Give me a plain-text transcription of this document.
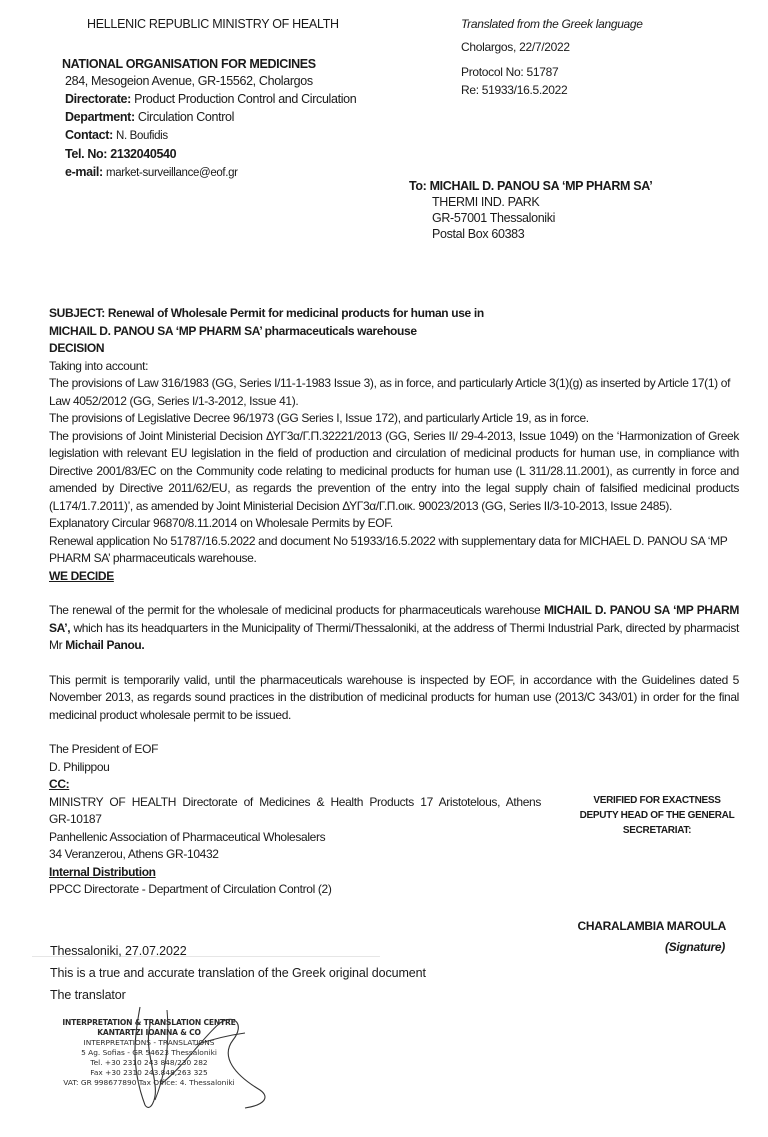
HELLENIC REPUBLIC MINISTRY OF HEALTH
NATIONAL ORGANISATION FOR MEDICINES
284, Mesogeion Avenue, GR-15562, Cholargos
Directorate: Product Production Control and Circulation
Department: Circulation Control
Contact: N. Boufidis
Tel. No: 2132040540
e-mail: market-surveillance@eof.gr
Translated from the Greek language
Cholargos, 22/7/2022
Protocol No: 51787
Re: 51933/16.5.2022
To: MICHAIL D. PANOU SA ‘MP PHARM SA’
THERMI IND. PARK
GR-57001 Thessaloniki
Postal Box 60383

SUBJECT: Renewal of Wholesale Permit for medicinal products for human use in

MICHAIL D. PANOU SA ‘MP PHARM SA’ pharmaceuticals warehouse

DECISION

Taking into account:

The provisions of Law 316/1983 (GG, Series I/11-1-1983 Issue 3), as in force, and particularly Article 3(1)(g) as inserted by Article 17(1) of Law 4052/2012 (GG, Series I/1-3-2012, Issue 41).

The provisions of Legislative Decree 96/1973 (GG Series I, Issue 172), and particularly Article 19, as in force.

The provisions of Joint Ministerial Decision ΔΥΓ3α/Γ.Π.32221/2013 (GG, Series II/ 29-4-2013, Issue 1049) on the ‘Harmonization of Greek legislation with relevant EU legislation in the field of production and circulation of medicinal products for human use, in compliance with Directive 2001/83/EC on the Community code relating to medicinal products for human use (L 311/28.11.2001), as currently in force and amended by Directive 2011/62/EU, as regards the prevention of the entry into the legal supply chain of falsified medicinal products (L174/1.7.2011)’, as amended by Joint Ministerial Decision ΔΥΓ3α/Γ.Π.οικ. 90023/2013 (GG, Series II/3-10-2013, Issue 2485).

Explanatory Circular 96870/8.11.2014 on Wholesale Permits by EOF.

Renewal application No 51787/16.5.2022 and document No 51933/16.5.2022 with supplementary data for MICHAEL D. PANOU SA ‘MP PHARM SA’ pharmaceuticals warehouse.

WE DECIDE

The renewal of the permit for the wholesale of medicinal products for pharmaceuticals warehouse MICHAIL D. PANOU SA ‘MP PHARM SA’, which has its headquarters in the Municipality of Thermi/Thessaloniki, at the address of Thermi Industrial Park, directed by pharmacist Mr Michail Panou.

This permit is temporarily valid, until the pharmaceuticals warehouse is inspected by EOF, in accordance with the Guidelines dated 5 November 2013, as regards sound practices in the distribution of medicinal products for human use (2013/C 343/01) in order for the final medicinal product wholesale permit to be issued.

The President of EOF

D. Philippou

CC:

MINISTRY OF HEALTH Directorate of Medicines & Health Products 17 Aristotelous, Athens

GR-10187

Panhellenic Association of Pharmaceutical Wholesalers

34 Veranzerou, Athens GR-10432

Internal Distribution

PPCC Directorate - Department of Circulation Control (2)

VERIFIED FOR EXACTNESS
DEPUTY HEAD OF THE GENERAL
SECRETARIAT:
CHARALAMBIA MAROULA
(Signature)
Thessaloniki, 27.07.2022
This is a true and accurate translation of the Greek original document
The translator
INTERPRETATION & TRANSLATION CENTRE
KANTARTZI IOANNA & CO
INTERPRETATIONS - TRANSLATIONS
5 Ag. Sofias - GR 54623 Thessaloniki
Tel. +30 2310 243 848/230 282
Fax +30 2310 243.848,263 325
VAT: GR 998677890 Tax Office: 4. Thessaloniki
